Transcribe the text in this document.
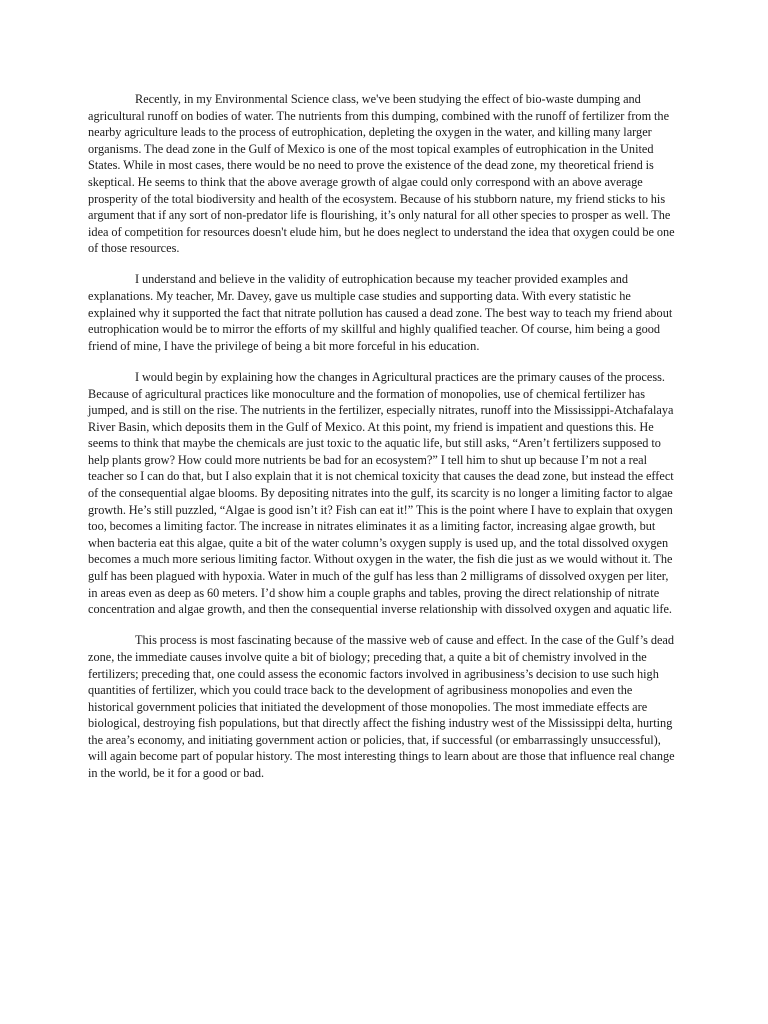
Recently, in my Environmental Science class, we've been studying the effect of bio-waste dumping and agricultural runoff on bodies of water. The nutrients from this dumping, combined with the runoff of fertilizer from the nearby agriculture leads to the process of eutrophication, depleting the oxygen in the water, and killing many larger organisms. The dead zone in the Gulf of Mexico is one of the most topical examples of eutrophication in the United States. While in most cases, there would be no need to prove the existence of the dead zone, my theoretical friend is skeptical. He seems to think that the above average growth of algae could only correspond with an above average prosperity of the total biodiversity and health of the ecosystem. Because of his stubborn nature, my friend sticks to his argument that if any sort of non-predator life is flourishing, it’s only natural for all other species to prosper as well. The idea of competition for resources doesn't elude him, but he does neglect to understand the idea that oxygen could be one of those resources.

I understand and believe in the validity of eutrophication because my teacher provided examples and explanations. My teacher, Mr. Davey, gave us multiple case studies and supporting data. With every statistic he explained why it supported the fact that nitrate pollution has caused a dead zone. The best way to teach my friend about eutrophication would be to mirror the efforts of my skillful and highly qualified teacher. Of course, him being a good friend of mine, I have the privilege of being a bit more forceful in his education.

I would begin by explaining how the changes in Agricultural practices are the primary causes of the process. Because of agricultural practices like monoculture and the formation of monopolies, use of chemical fertilizer has jumped, and is still on the rise. The nutrients in the fertilizer, especially nitrates, runoff into the Mississippi-Atchafalaya River Basin, which deposits them in the Gulf of Mexico. At this point, my friend is impatient and questions this. He seems to think that maybe the chemicals are just toxic to the aquatic life, but still asks, “Aren’t fertilizers supposed to help plants grow? How could more nutrients be bad for an ecosystem?” I tell him to shut up because I’m not a real teacher so I can do that, but I also explain that it is not chemical toxicity that causes the dead zone, but instead the effect of the consequential algae blooms. By depositing nitrates into the gulf, its scarcity is no longer a limiting factor to algae growth. He’s still puzzled, “Algae is good isn’t it? Fish can eat it!” This is the point where I have to explain that oxygen too, becomes a limiting factor. The increase in nitrates eliminates it as a limiting factor, increasing algae growth, but when bacteria eat this algae, quite a bit of the water column’s oxygen supply is used up, and the total dissolved oxygen becomes a much more serious limiting factor. Without oxygen in the water, the fish die just as we would without it. The gulf has been plagued with hypoxia. Water in much of the gulf has less than 2 milligrams of dissolved oxygen per liter, in areas even as deep as 60 meters. I’d show him a couple graphs and tables, proving the direct relationship of nitrate concentration and algae growth, and then the consequential inverse relationship with dissolved oxygen and aquatic life.

This process is most fascinating because of the massive web of cause and effect. In the case of the Gulf’s dead zone, the immediate causes involve quite a bit of biology; preceding that, a quite a bit of chemistry involved in the fertilizers; preceding that, one could assess the economic factors involved in agribusiness’s decision to use such high quantities of fertilizer, which you could trace back to the development of agribusiness monopolies and even the historical government policies that initiated the development of those monopolies. The most immediate effects are biological, destroying fish populations, but that directly affect the fishing industry west of the Mississippi delta, hurting the area’s economy, and initiating government action or policies, that, if successful (or embarrassingly unsuccessful), will again become part of popular history. The most interesting things to learn about are those that influence real change in the world, be it for a good or bad.
